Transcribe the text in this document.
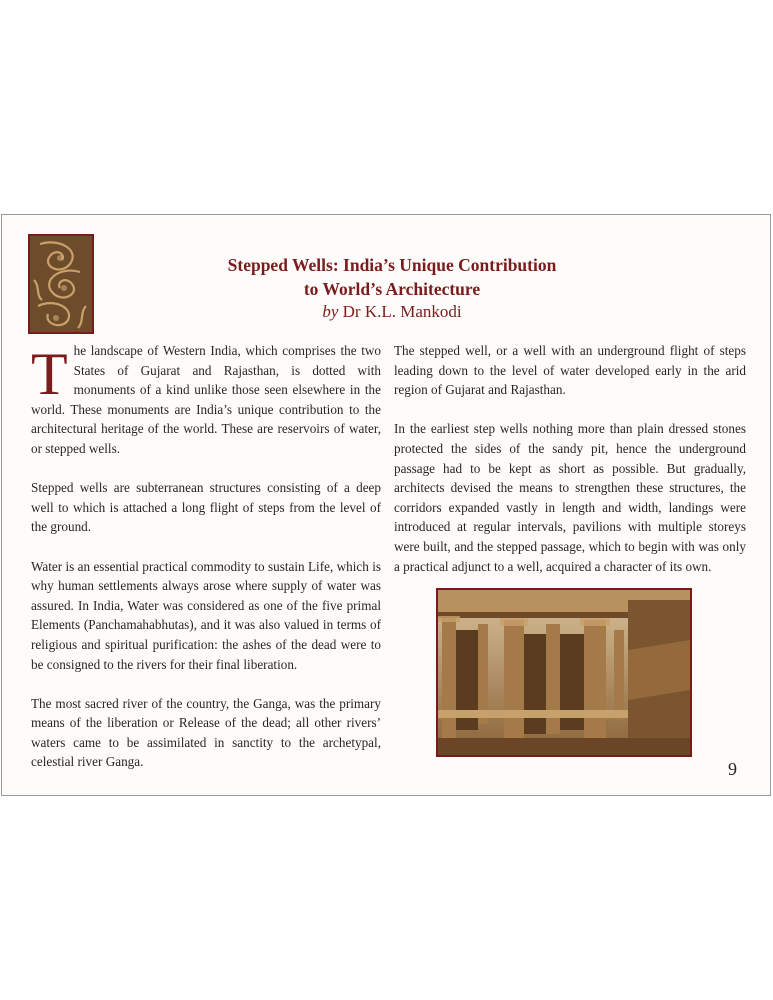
Stepped Wells: India’s Unique Contribution
to World’s Architecture
by Dr K.L. Mankodi

The landscape of Western India, which comprises the two States of Gujarat and Rajasthan, is dotted with monuments of a kind unlike those seen elsewhere in the world. These monuments are India’s unique contribution to the architectural heritage of the world. These are reservoirs of water, or stepped wells.

Stepped wells are subterranean structures consisting of a deep well to which is attached a long flight of steps from the level of the ground.

Water is an essential practical commodity to sustain Life, which is why human settlements always arose where supply of water was assured. In India, Water was considered as one of the five primal Elements (Panchamahabhutas), and it was also valued in terms of religious and spiritual purification: the ashes of the dead were to be consigned to the rivers for their final liberation.

The most sacred river of the country, the Ganga, was the primary means of the liberation or Release of the dead; all other rivers’ waters came to be assimilated in sanctity to the archetypal, celestial river Ganga.

The stepped well, or a well with an underground flight of steps leading down to the level of water developed early in the arid region of Gujarat and Rajasthan.

In the earliest step wells nothing more than plain dressed stones protected the sides of the sandy pit, hence the underground passage had to be kept as short as possible. But gradually, architects devised the means to strengthen these structures, the corridors expanded vastly in length and width, landings were introduced at regular intervals, pavilions with multiple storeys were built, and the stepped passage, which to begin with was only a practical adjunct to a well, acquired a character of its own.

9
